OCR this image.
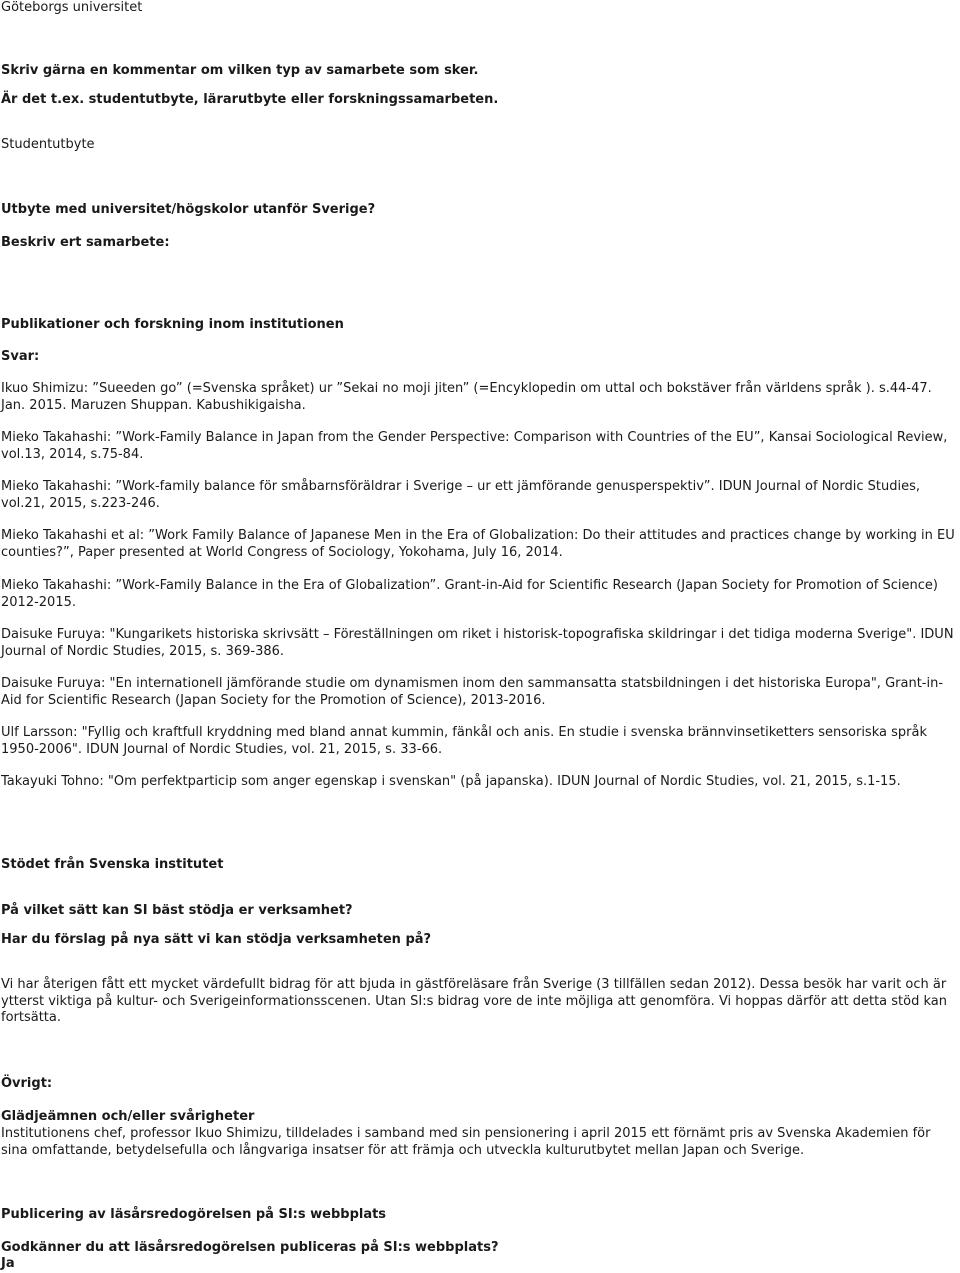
Göteborgs universitet

Skriv gärna en kommentar om vilken typ av samarbete som sker.

Är det t.ex. studentutbyte, lärarutbyte eller forskningssamarbeten.

Studentutbyte

Utbyte med universitet/högskolor utanför Sverige?

Beskriv ert samarbete:

Publikationer och forskning inom institutionen

Svar:

Ikuo Shimizu: ”Sueeden go” (=Svenska språket) ur ”Sekai no moji jiten” (=Encyklopedin om uttal och bokstäver från världens språk ). s.44-47. Jan. 2015. Maruzen Shuppan. Kabushikigaisha.

Mieko Takahashi: ”Work-Family Balance in Japan from the Gender Perspective: Comparison with Countries of the EU”, Kansai Sociological Review, vol.13, 2014, s.75-84.

Mieko Takahashi: ”Work-family balance för småbarnsföräldrar i Sverige – ur ett jämförande genusperspektiv”. IDUN Journal of Nordic Studies, vol.21, 2015, s.223-246.

Mieko Takahashi et al: ”Work Family Balance of Japanese Men in the Era of Globalization: Do their attitudes and practices change by working in EU counties?”, Paper presented at World Congress of Sociology, Yokohama, July 16, 2014.

Mieko Takahashi: ”Work-Family Balance in the Era of Globalization”. Grant-in-Aid for Scientific Research (Japan Society for Promotion of Science) 2012-2015.

Daisuke Furuya: "Kungarikets historiska skrivsätt – Föreställningen om riket i historisk-topografiska skildringar i det tidiga moderna Sverige". IDUN Journal of Nordic Studies, 2015, s. 369-386.

Daisuke Furuya: "En internationell jämförande studie om dynamismen inom den sammansatta statsbildningen i det historiska Europa", Grant-in-Aid for Scientific Research (Japan Society for the Promotion of Science), 2013-2016.

Ulf Larsson: "Fyllig och kraftfull kryddning med bland annat kummin, fänkål och anis. En studie i svenska brännvinsetiketters sensoriska språk 1950-2006". IDUN Journal of Nordic Studies, vol. 21, 2015, s. 33-66.

Takayuki Tohno: "Om perfektparticip som anger egenskap i svenskan" (på japanska). IDUN Journal of Nordic Studies, vol. 21, 2015, s.1-15.

Stödet från Svenska institutet

På vilket sätt kan SI bäst stödja er verksamhet?

Har du förslag på nya sätt vi kan stödja verksamheten på?

Vi har återigen fått ett mycket värdefullt bidrag för att bjuda in gästföreläsare från Sverige (3 tillfällen sedan 2012). Dessa besök har varit och är ytterst viktiga på kultur- och Sverigeinformationsscenen. Utan SI:s bidrag vore de inte möjliga att genomföra. Vi hoppas därför att detta stöd kan fortsätta.

Övrigt:

Glädjeämnen och/eller svårigheter

Institutionens chef, professor Ikuo Shimizu, tilldelades i samband med sin pensionering i april 2015 ett förnämt pris av Svenska Akademien för sina omfattande, betydelsefulla och långvariga insatser för att främja och utveckla kulturutbytet mellan Japan och Sverige.

Publicering av läsårsredogörelsen på SI:s webbplats

Godkänner du att läsårsredogörelsen publiceras på SI:s webbplats?

Ja
